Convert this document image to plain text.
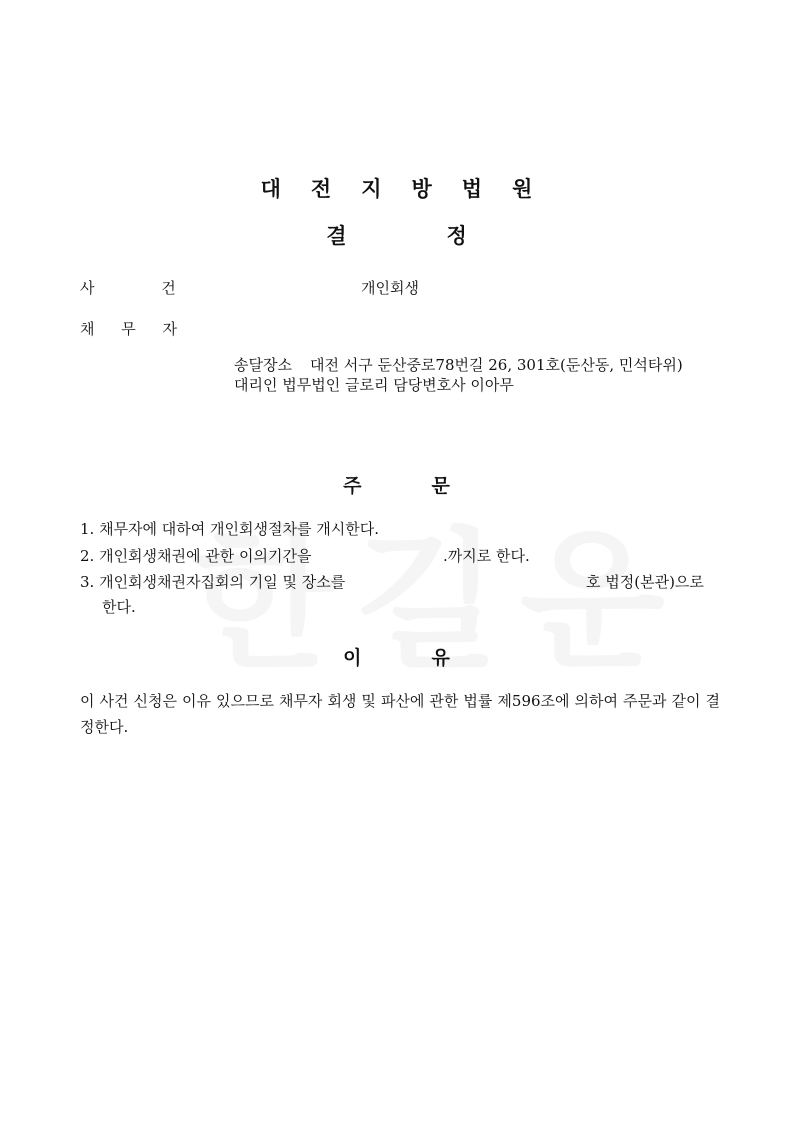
대전지방법원
결정
사 건	개인회생
채 무 자
송달장소 대전 서구 둔산중로78번길 26, 301호(둔산동, 민석타위)
대리인 법무법인 글로리 담당변호사 이아무
주문
1. 채무자에 대하여 개인회생절차를 개시한다.
2. 개인회생채권에 관한 이의기간을	.까지로 한다.
3. 개인회생채권자집회의 기일 및 장소를	호 법정(본관)으로
한다.
이유
이 사건 신청은 이유 있으므로 채무자 회생 및 파산에 관한 법률 제596조에 의하여 주문과 같이 결정한다.
